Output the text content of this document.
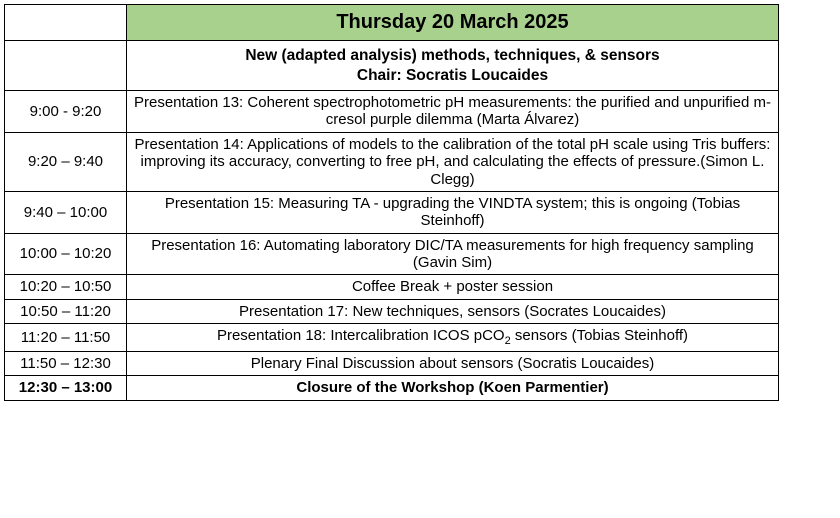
	Thursday 20 March 2025

	New (adapted analysis) methods, techniques, & sensors
Chair: Socratis Loucaides

9:00 - 9:20	Presentation 13: Coherent spectrophotometric pH measurements: the purified and unpurified m-cresol purple dilemma (Marta Álvarez)
9:20 – 9:40	Presentation 14: Applications of models to the calibration of the total pH scale using Tris buffers: improving its accuracy, converting to free pH, and calculating the effects of pressure.(Simon L. Clegg)
9:40 – 10:00	Presentation 15: Measuring TA - upgrading the VINDTA system; this is ongoing (Tobias Steinhoff)
10:00 – 10:20	Presentation 16: Automating laboratory DIC/TA measurements for high frequency sampling (Gavin Sim)
10:20 – 10:50	Coffee Break + poster session
10:50 – 11:20	Presentation 17: New techniques, sensors (Socrates Loucaides)
11:20 – 11:50	Presentation 18: Intercalibration ICOS pCO$_2$ sensors (Tobias Steinhoff)
11:50 – 12:30	Plenary Final Discussion about sensors (Socratis Loucaides)
12:30 – 13:00	Closure of the Workshop (Koen Parmentier)
